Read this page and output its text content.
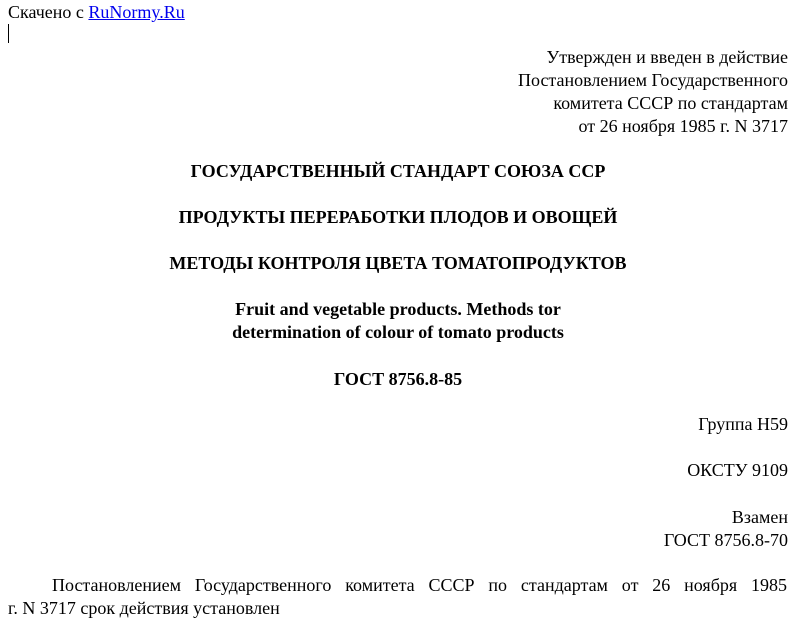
Скачено с RuNormy.Ru
Утвержден и введен в действие
Постановлением Государственного
комитета СССР по стандартам
от 26 ноября 1985 г. N 3717
ГОСУДАРСТВЕННЫЙ СТАНДАРТ СОЮЗА ССР
ПРОДУКТЫ ПЕРЕРАБОТКИ ПЛОДОВ И ОВОЩЕЙ
МЕТОДЫ КОНТРОЛЯ ЦВЕТА ТОМАТОПРОДУКТОВ
Fruit and vegetable products. Methods tor
determination of colour of tomato products
ГОСТ 8756.8-85
Группа Н59
ОКСТУ 9109
Взамен
ГОСТ 8756.8-70
Постановлением Государственного комитета СССР по стандартам от 26 ноября 1985
г. N 3717 срок действия установлен
